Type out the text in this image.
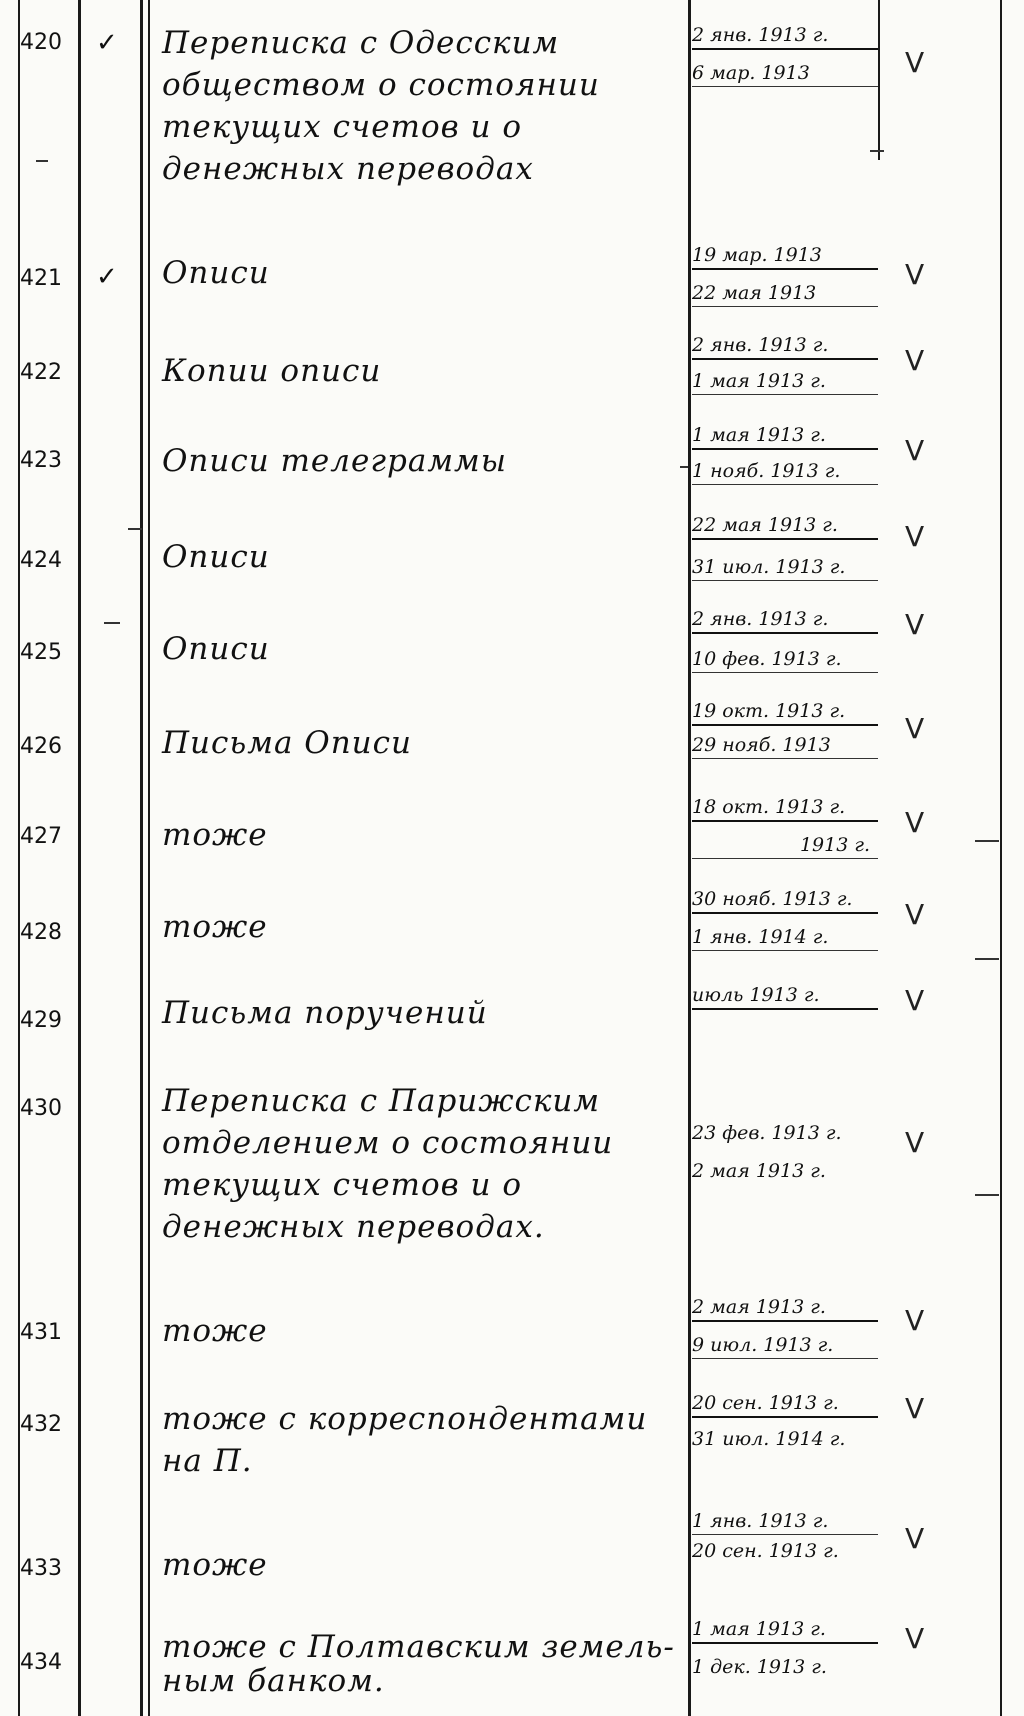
420	✓ Переписка с Одесским
обществом о состоянии
текущих счетов и о
денежных переводах
2 янв. 1913 г.
6 мар. 1913	V
421	✓ Описи	19 мар. 1913
22 мая 1913
V
422	Копии описи
2 янв. 1913 г.
1 мая 1913 г.
V
423	Описи телеграммы
1 мая 1913 г.
1 нояб. 1913 г.
V
424	Описи
22 мая 1913 г.
31 июл. 1913 г.
V
425	Описи
2 янв. 1913 г.
10 фев. 1913 г.
V
426	Письма Описи
19 окт. 1913 г.
29 нояб. 1913	V
427	тоже
18 окт. 1913 г.
1913 г.
V
428	тоже
30 нояб. 1913 г.
1 янв. 1914 г.
V
429	Письма поручений	июль 1913 г.	V
430	Переписка с Парижским
отделением о состоянии
текущих счетов и о
денежных переводах.
23 фев. 1913 г.
2 мая 1913 г.
V
431	тоже
2 мая 1913 г.
9 июл. 1913 г.
V
432	тоже с корреспондентами
на П.
20 сен. 1913 г.
31 июл. 1914 г.
V
433	тоже
1 янв. 1913 г.
20 сен. 1913 г.	V
434	тоже с Полтавским земель-
ным банком.
1 мая 1913 г.
1 дек. 1913 г.
V
